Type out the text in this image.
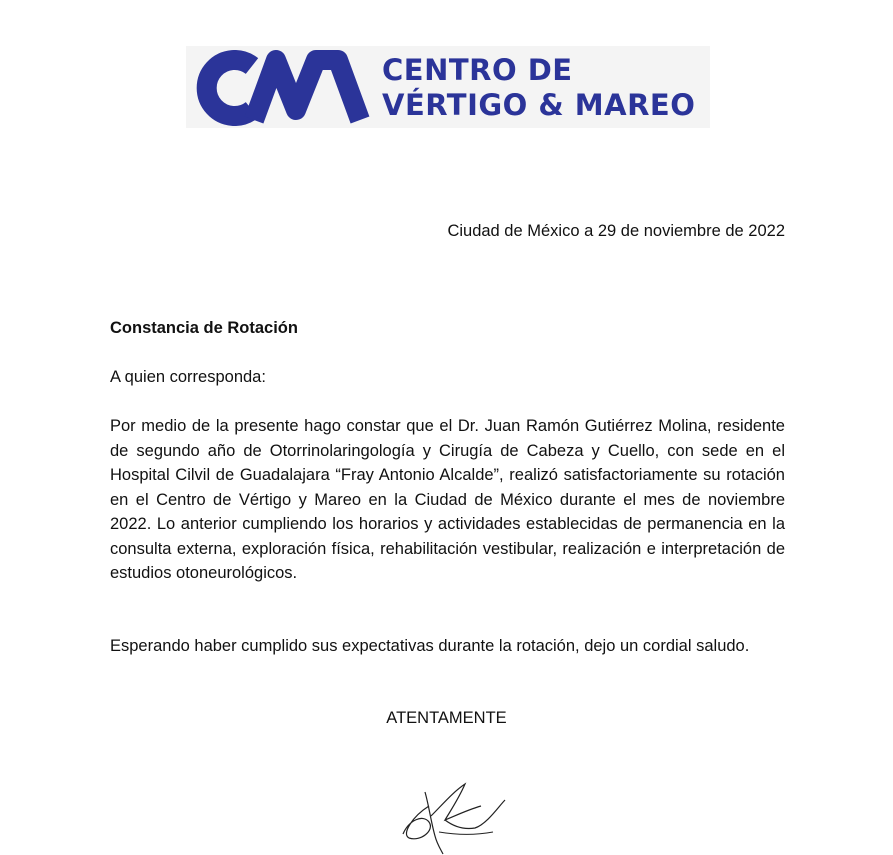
CENTRO DE
VÉRTIGO & MAREO
Ciudad de México a 29 de noviembre de 2022
Constancia de Rotación
A quien corresponda:

Por medio de la presente hago constar que el Dr. Juan Ramón Gutiérrez Molina, residente de segundo año de Otorrinolaringología y Cirugía de Cabeza y Cuello, con sede en el Hospital Cilvil de Guadalajara “Fray Antonio Alcalde”, realizó satisfactoriamente su rotación en el Centro de Vértigo y Mareo en la Ciudad de México durante el mes de noviembre 2022. Lo anterior cumpliendo los horarios y actividades establecidas de permanencia en la consulta externa, exploración física, rehabilitación vestibular, realización e interpretación de estudios otoneurológicos.

Esperando haber cumplido sus expectativas durante la rotación, dejo un cordial saludo.

ATENTAMENTE
